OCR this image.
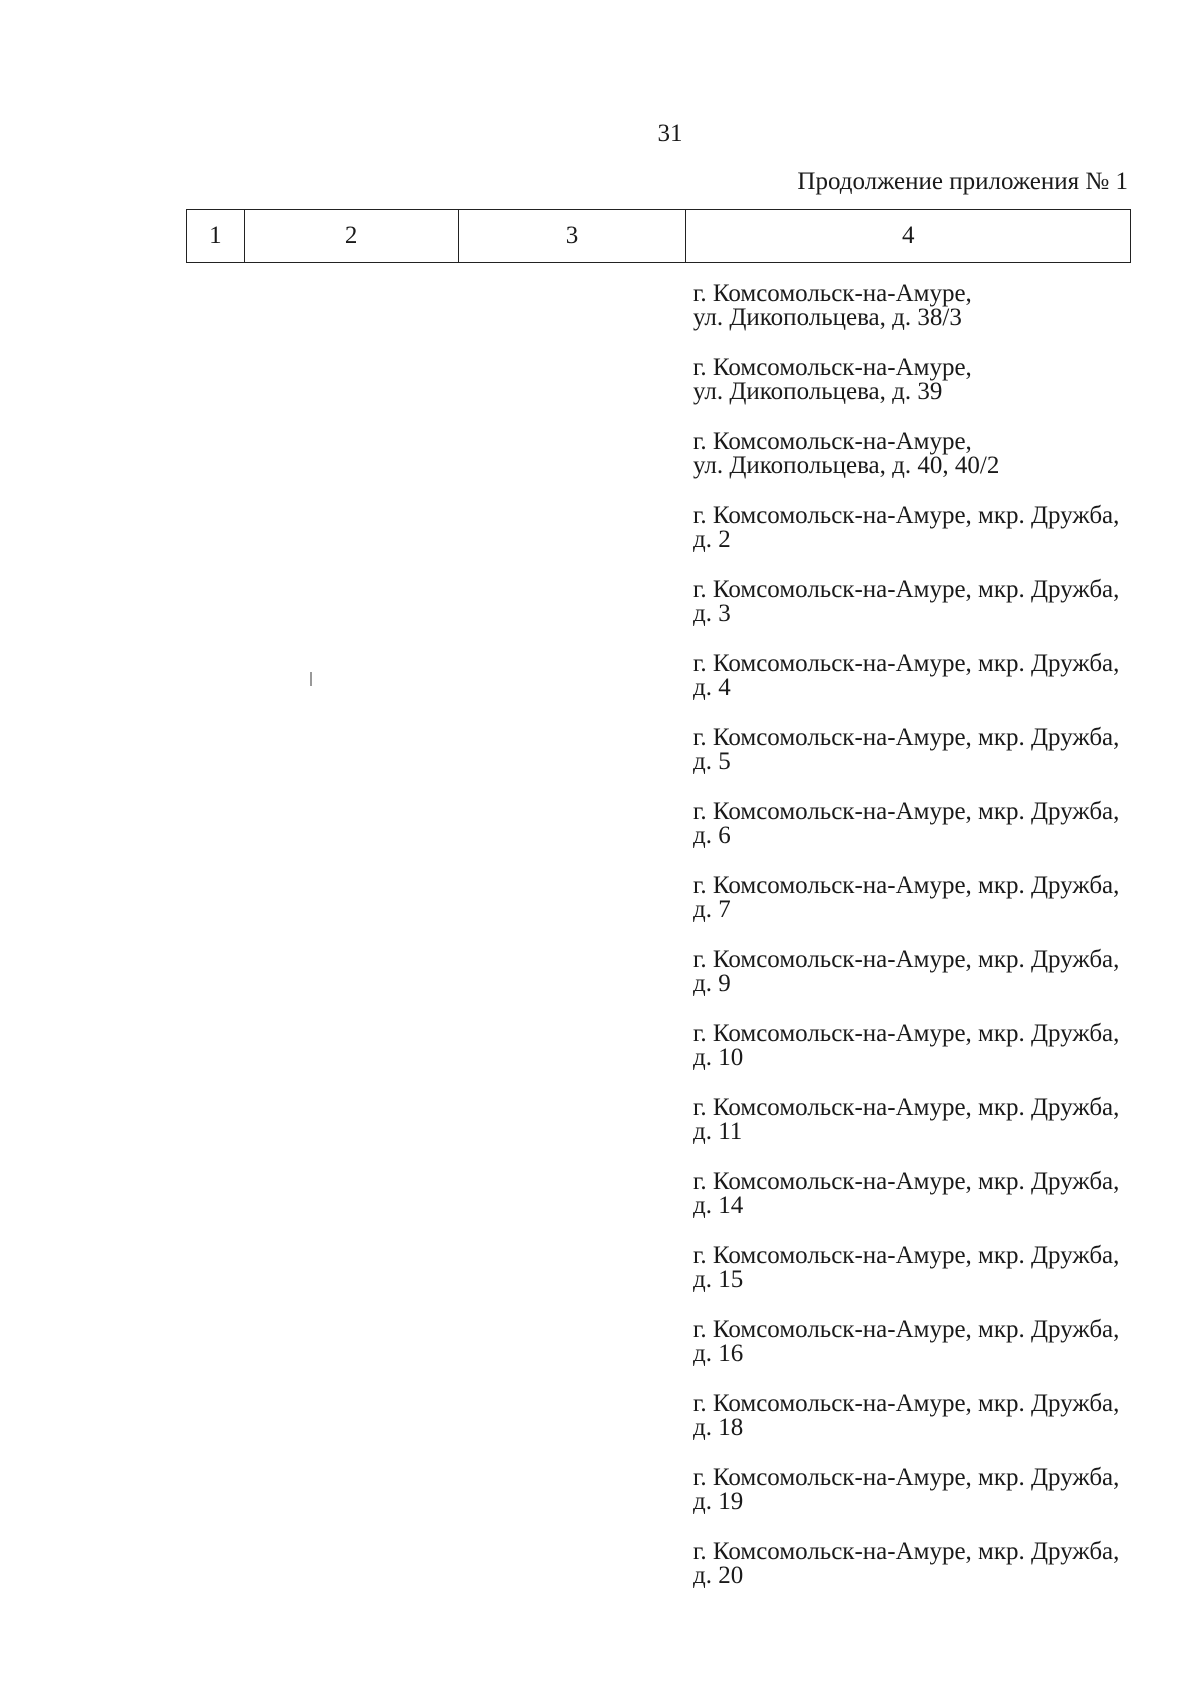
31
Продолжение приложения № 1
1	2	3	4
г. Комсомольск-на-Амуре,
ул. Дикопольцева, д. 38/3
г. Комсомольск-на-Амуре,
ул. Дикопольцева, д. 39
г. Комсомольск-на-Амуре,
ул. Дикопольцева, д. 40, 40/2
г. Комсомольск-на-Амуре, мкр. Дружба,
д. 2
г. Комсомольск-на-Амуре, мкр. Дружба,
д. 3
г. Комсомольск-на-Амуре, мкр. Дружба,
д. 4
г. Комсомольск-на-Амуре, мкр. Дружба,
д. 5
г. Комсомольск-на-Амуре, мкр. Дружба,
д. 6
г. Комсомольск-на-Амуре, мкр. Дружба,
д. 7
г. Комсомольск-на-Амуре, мкр. Дружба,
д. 9
г. Комсомольск-на-Амуре, мкр. Дружба,
д. 10
г. Комсомольск-на-Амуре, мкр. Дружба,
д. 11
г. Комсомольск-на-Амуре, мкр. Дружба,
д. 14
г. Комсомольск-на-Амуре, мкр. Дружба,
д. 15
г. Комсомольск-на-Амуре, мкр. Дружба,
д. 16
г. Комсомольск-на-Амуре, мкр. Дружба,
д. 18
г. Комсомольск-на-Амуре, мкр. Дружба,
д. 19
г. Комсомольск-на-Амуре, мкр. Дружба,
д. 20
